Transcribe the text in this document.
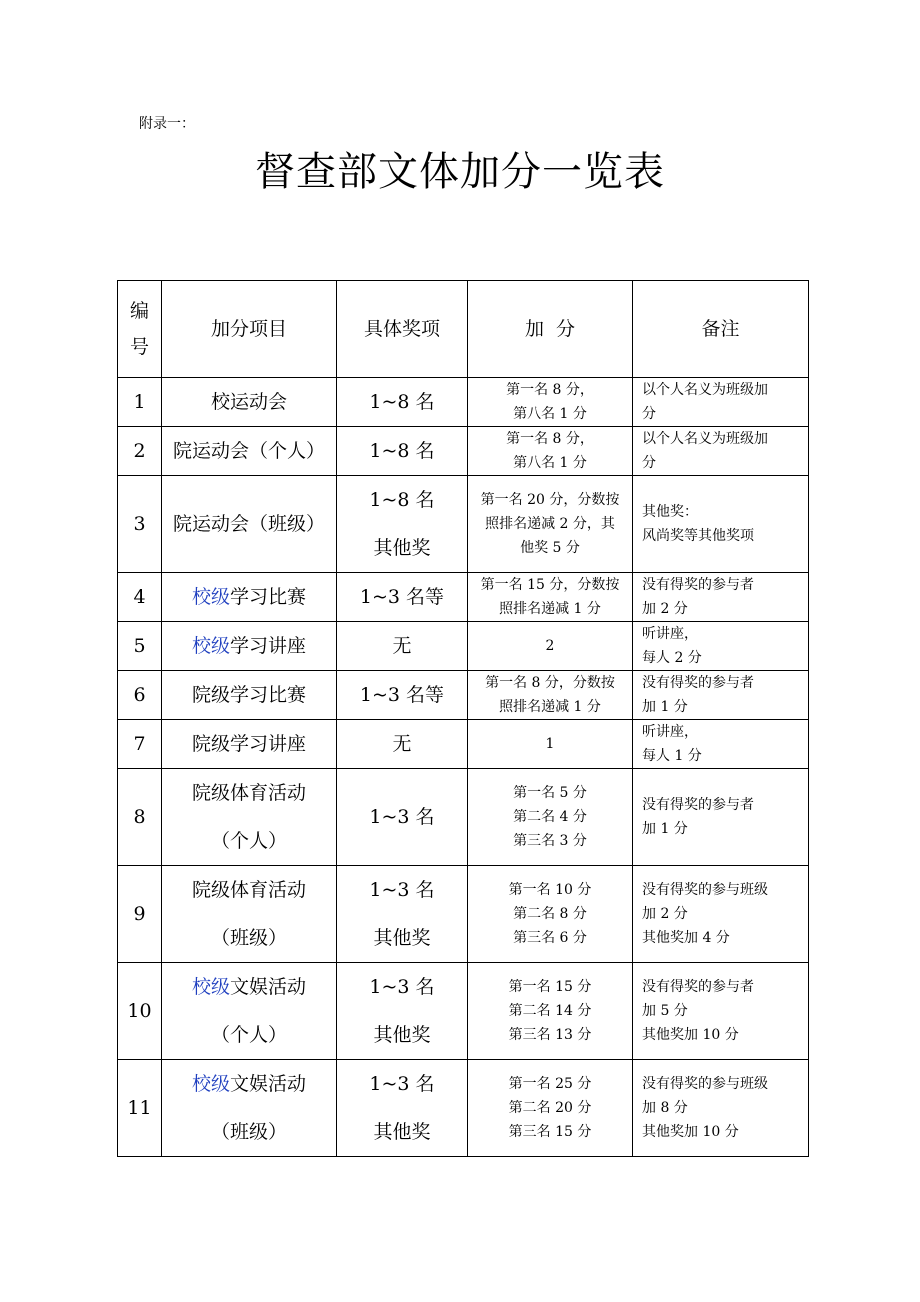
附录一：
督查部文体加分一览表
编
号	加分项目	具体奖项	加  分	备注
1	校运动会	1~8 名	第一名 8 分，
第八名 1 分	以个人名义为班级加
分

2	院运动会（个人）	1~8 名	第一名 8 分，
第八名 1 分	以个人名义为班级加
分

3	院运动会（班级）	1~8 名
其他奖	第一名 20 分，分数按
照排名递减 2 分，其
他奖 5 分	其他奖：
风尚奖等其他奖项

4	校级学习比赛	1~3 名等	第一名 15 分，分数按
照排名递减 1 分	没有得奖的参与者
加 2 分

5	校级学习讲座	无	2	听讲座，
每人 2 分

6	院级学习比赛	1~3 名等	第一名 8 分，分数按
照排名递减 1 分	没有得奖的参与者
加 1 分

7	院级学习讲座	无	1	听讲座，
每人 1 分

8	院级体育活动
（个人）	1~3 名	第一名 5 分
第二名 4 分
第三名 3 分	没有得奖的参与者
加 1 分

9	院级体育活动
（班级）	1~3 名
其他奖	第一名 10 分
第二名 8 分
第三名 6 分	没有得奖的参与班级
加 2 分
其他奖加 4 分

10	校级文娱活动
（个人）	1~3 名
其他奖	第一名 15 分
第二名 14 分
第三名 13 分	没有得奖的参与者
加 5 分
其他奖加 10 分

11	校级文娱活动
（班级）	1~3 名
其他奖	第一名 25 分
第二名 20 分
第三名 15 分	没有得奖的参与班级
加 8 分
其他奖加 10 分
